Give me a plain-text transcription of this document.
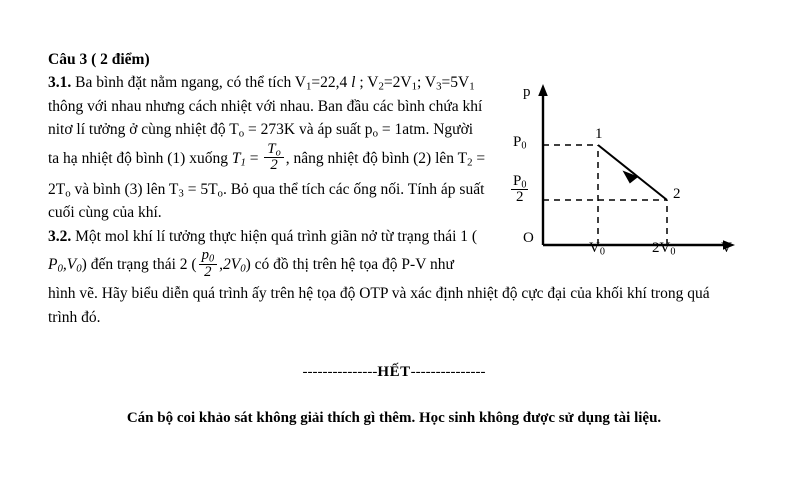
Câu 3 ( 2 điểm)
3.1. Ba bình đặt nằm ngang, có thể tích $V_1=22,4$ l ; $V_2=2V_1$; $V_3=5V_1$
thông với nhau nhưng cách nhiệt với nhau. Ban đầu các bình chứa khí
nitơ lí tưởng ở cùng nhiệt độ $T_o = 273K$ và áp suất $p_o = 1atm$. Người
ta hạ nhiệt độ bình (1) xuống $T_1 = \frac{T_o}{2}$ , nâng nhiệt độ bình (2) lên $T_2$ =
$2T_o$ và bình (3) lên $T_3 = 5T_o$. Bỏ qua thể tích các ống nối. Tính áp suất
cuối cùng của khí.
3.2. Một mol khí lí tưởng thực hiện quá trình giãn nở từ trạng thái 1 (
$P_0,V_0$) đến trạng thái 2 ( $\frac{p_0}{2} ,2V_0$) có đồ thị trên hệ tọa độ P-V như
hình vẽ. Hãy biểu diễn quá trình ấy trên hệ tọa độ OTP và xác định nhiệt độ cực đại của khối khí trong quá
trình đó.
p
V
O
$P_0$
$\frac{P_0}{2}$
$V_0$	$2V_0$
1
2
---------------HẾT---------------
Cán bộ coi khảo sát không giải thích gì thêm. Học sinh không được sử dụng tài liệu.
